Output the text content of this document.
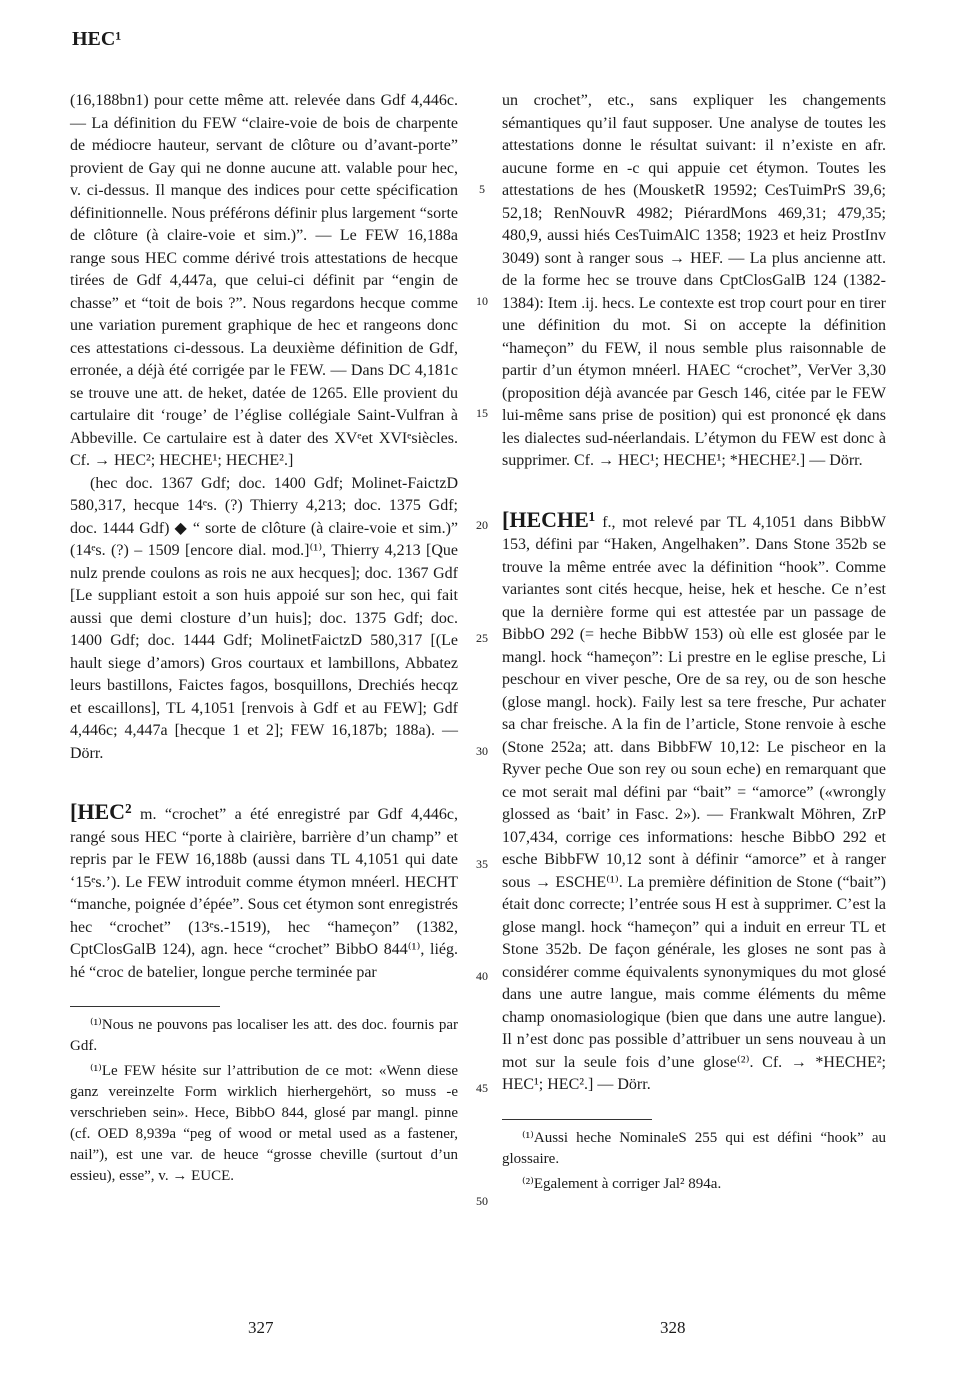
HEC¹

(16,188bn1) pour cette même att. relevée dans Gdf 4,446c. — La définition du FEW “claire-voie de bois de charpente de médiocre hauteur, servant de clôture ou d’avant-porte” provient de Gay qui ne donne aucune att. valable pour hec, v. ci-dessus. Il manque des indices pour cette spécification définitionnelle. Nous préférons définir plus largement “sorte de clôture (à claire-voie et sim.)”. — Le FEW 16,188a range sous HEC comme dérivé trois attestations de hecque tirées de Gdf 4,447a, que celui-ci définit par “engin de chasse” et “toit de bois ?”. Nous regardons hecque comme une variation purement graphique de hec et rangeons donc ces attestations ci-dessous. La deuxième définition de Gdf, erronée, a déjà été corrigée par le FEW. — Dans DC 4,181c se trouve une att. de heket, datée de 1265. Elle provient du cartulaire dit ‘rouge’ de l’église collégiale Saint-Vulfran à Abbeville. Ce cartulaire est à dater des XVᵉet XVIᵉsiècles. Cf. → HEC²; HECHE¹; HECHE².]

(hec doc. 1367 Gdf; doc. 1400 Gdf; Molinet-FaictzD 580,317, hecque 14ᵉs. (?) Thierry 4,213; doc. 1375 Gdf; doc. 1444 Gdf) ◆ “ sorte de clôture (à claire-voie et sim.)” (14ᵉs. (?) – 1509 [encore dial. mod.]⁽¹⁾, Thierry 4,213 [Que nulz prende coulons as rois ne aux hecques]; doc. 1367 Gdf [Le suppliant estoit a son huis appoié sur son hec, qui fait aussi que demi closture d’un huis]; doc. 1375 Gdf; doc. 1400 Gdf; doc. 1444 Gdf; MolinetFaictzD 580,317 [(Le hault siege d’amors) Gros courtaux et lambillons, Abbatez leurs bastillons, Faictes fagos, bosquillons, Drechiés hecqz et escaillons], TL 4,1051 [renvois à Gdf et au FEW]; Gdf 4,446c; 4,447a [hecque 1 et 2]; FEW 16,187b; 188a). — Dörr.

[HEC² m. “crochet” a été enregistré par Gdf 4,446c, rangé sous HEC “porte à clairière, barrière d’un champ” et repris par le FEW 16,188b (aussi dans TL 4,1051 qui date ‘15ᵉs.’). Le FEW introduit comme étymon mnéerl. HECHT “manche, poignée d’épée”. Sous cet étymon sont enregistrés hec “crochet” (13ᵉs.-1519), hec “hameçon” (1382, CptClosGalB 124), agn. hece “crochet” BibbO 844⁽¹⁾, liég. hé “croc de batelier, longue perche terminée par

⁽¹⁾Nous ne pouvons pas localiser les att. des doc. fournis par Gdf.

⁽¹⁾Le FEW hésite sur l’attribution de ce mot: «Wenn diese ganz vereinzelte Form wirklich hierhergehört, so muss -e verschrieben sein». Hece, BibbO 844, glosé par mangl. pinne (cf. OED 8,939a “peg of wood or metal used as a fastener, nail”), est une var. de heuce “grosse cheville (surtout d’un essieu), esse”, v. → EUCE.

5
10
15
20
25
30
35
40
45
50

un crochet”, etc., sans expliquer les changements sémantiques qu’il faut supposer. Une analyse de toutes les attestations donne le résultat suivant: il n’existe en afr. aucune forme en -c qui appuie cet étymon. Toutes les attestations de hes (MousketR 19592; CesTuimPrS 39,6; 52,18; RenNouvR 4982; PiérardMons 469,31; 479,35; 480,9, aussi hiés CesTuimAlC 1358; 1923 et heiz ProstInv 3049) sont à ranger sous → HEF. — La plus ancienne att. de la forme hec se trouve dans CptClosGalB 124 (1382-1384): Item .ij. hecs. Le contexte est trop court pour en tirer une définition du mot. Si on accepte la définition “hameçon” du FEW, il nous semble plus raisonnable de partir d’un étymon mnéerl. HAEC “crochet”, VerVer 3,30 (proposition déjà avancée par Gesch 146, citée par le FEW lui-même sans prise de position) qui est prononcé ęk dans les dialectes sud-néerlandais. L’étymon du FEW est donc à supprimer. Cf. → HEC¹; HECHE¹; *HECHE².] — Dörr.

[HECHE¹ f., mot relevé par TL 4,1051 dans BibbW 153, défini par “Haken, Angelhaken”. Dans Stone 352b se trouve la même entrée avec la définition “hook”. Comme variantes sont cités hecque, heise, hek et hesche. Ce n’est que la dernière forme qui est attestée par un passage de BibbO 292 (= heche BibbW 153) où elle est glosée par le mangl. hock “hameçon”: Li prestre en le eglise presche, Li peschour en viver pesche, Ore de sa rey, ou de son hesche (glose mangl. hock). Faily lest sa tere fresche, Pur achater sa char freische. A la fin de l’article, Stone renvoie à esche (Stone 252a; att. dans BibbFW 10,12: Le pischeor en la Ryver peche Oue son rey ou soun eche) en remarquant que ce mot serait mal défini par “bait” = “amorce” («wrongly glossed as ‘bait’ in Fasc. 2»). — Frankwalt Möhren, ZrP 107,434, corrige ces informations: hesche BibbO 292 et esche BibbFW 10,12 sont à définir “amorce” et à ranger sous → ESCHE⁽¹⁾. La première définition de Stone (“bait”) était donc correcte; l’entrée sous H est à supprimer. C’est la glose mangl. hock “hameçon” qui a induit en erreur TL et Stone 352b. De façon générale, les gloses ne sont pas à considérer comme équivalents synonymiques du mot glosé dans une autre langue, mais comme éléments du même champ onomasiologique (bien que dans une autre langue). Il n’est donc pas possible d’attribuer un sens nouveau à un mot sur la seule fois d’une glose⁽²⁾. Cf. → *HECHE²; HEC¹; HEC².] — Dörr.

⁽¹⁾Aussi heche NominaleS 255 qui est défini “hook” au glossaire.

⁽²⁾Egalement à corriger Jal² 894a.

327	328
